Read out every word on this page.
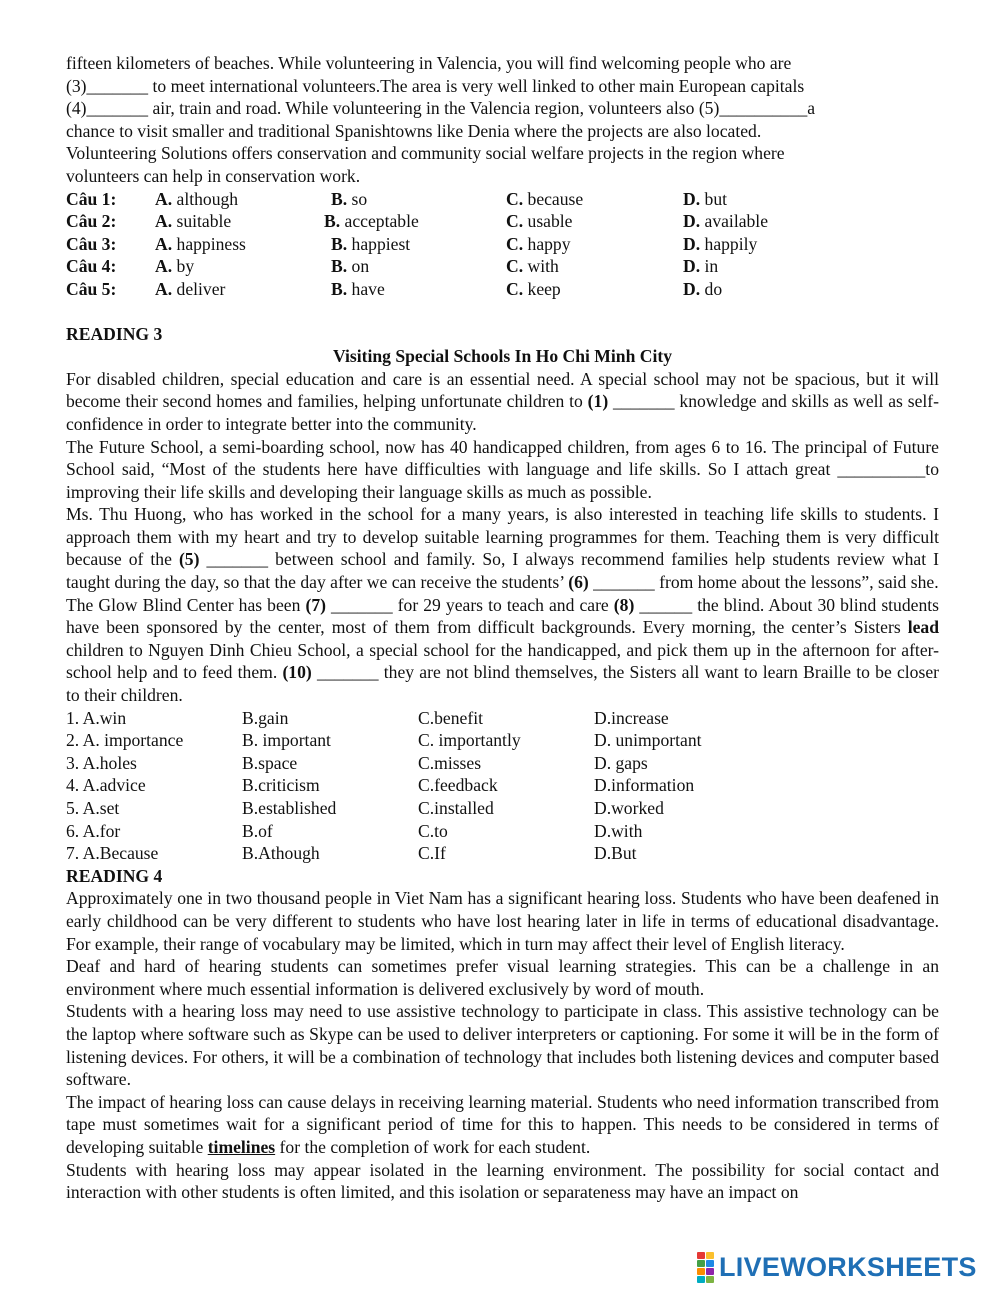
fifteen kilometers of beaches. While volunteering in Valencia, you will find welcoming people who are

(3)_______ to meet international volunteers.The area is very well linked to other main European capitals

(4)_______ air, train and road. While volunteering in the Valencia region, volunteers also (5)__________a

chance to visit smaller and traditional Spanishtowns like Denia where the projects are also located.

Volunteering Solutions offers conservation and community social welfare projects in the region where

volunteers can help in conservation work.

Câu 1: A. although	B. so	C. because	D. but
Câu 2: A. suitable	B. acceptable	C. usable	D. available
Câu 3: A. happiness	B. happiest	C. happy	D. happily
Câu 4: A. by	B. on	C. with	D. in
Câu 5: A. deliver	B. have	C. keep	D. do
READING 3
Visiting Special Schools In Ho Chi Minh City

For disabled children, special education and care is an essential need. A special school may not be spacious, but it will become their second homes and families, helping unfortunate children to (1) _______ knowledge and skills as well as self-confidence in order to integrate better into the community.

The Future School, a semi-boarding school, now has 40 handicapped children, from ages 6 to 16. The principal of Future School said, “Most of the students here have difficulties with language and life skills. So I attach great __________to improving their life skills and developing their language skills as much as possible.

Ms. Thu Huong, who has worked in the school for a many years, is also interested in teaching life skills to students. I approach them with my heart and try to develop suitable learning programmes for them. Teaching them is very difficult because of the (5) _______ between school and family. So, I always recommend families help students review what I taught during the day, so that the day after we can receive the students’ (6) _______ from home about the lessons”, said she.

The Glow Blind Center has been (7) _______ for 29 years to teach and care (8) ______ the blind. About 30 blind students have been sponsored by the center, most of them from difficult backgrounds. Every morning, the center’s Sisters lead children to Nguyen Dinh Chieu School, a special school for the handicapped, and pick them up in the afternoon for after-school help and to feed them. (10) _______ they are not blind themselves, the Sisters all want to learn Braille to be closer to their children.

1. A.win	B.gain	C.benefit	D.increase
2. A. importance	B. important	C. importantly	D. unimportant
3. A.holes	B.space	C.misses	D. gaps
4. A.advice	B.criticism	C.feedback	D.information
5. A.set	B.established	C.installed	D.worked
6. A.for	B.of	C.to	D.with
7. A.Because	B.Athough	C.If	D.But
READING 4

Approximately one in two thousand people in Viet Nam has a significant hearing loss. Students who have been deafened in early childhood can be very different to students who have lost hearing later in life in terms of educational disadvantage. For example, their range of vocabulary may be limited, which in turn may affect their level of English literacy.

Deaf and hard of hearing students can sometimes prefer visual learning strategies. This can be a challenge in an environment where much essential information is delivered exclusively by word of mouth.

Students with a hearing loss may need to use assistive technology to participate in class. This assistive technology can be the laptop where software such as Skype can be used to deliver interpreters or captioning. For some it will be in the form of listening devices. For others, it will be a combination of technology that includes both listening devices and computer based software.

The impact of hearing loss can cause delays in receiving learning material. Students who need information transcribed from tape must sometimes wait for a significant period of time for this to happen. This needs to be considered in terms of developing suitable timelines for the completion of work for each student.

Students with hearing loss may appear isolated in the learning environment. The possibility for social contact and interaction with other students is often limited, and this isolation or separateness may have an impact on

LIVEWORKSHEETS
